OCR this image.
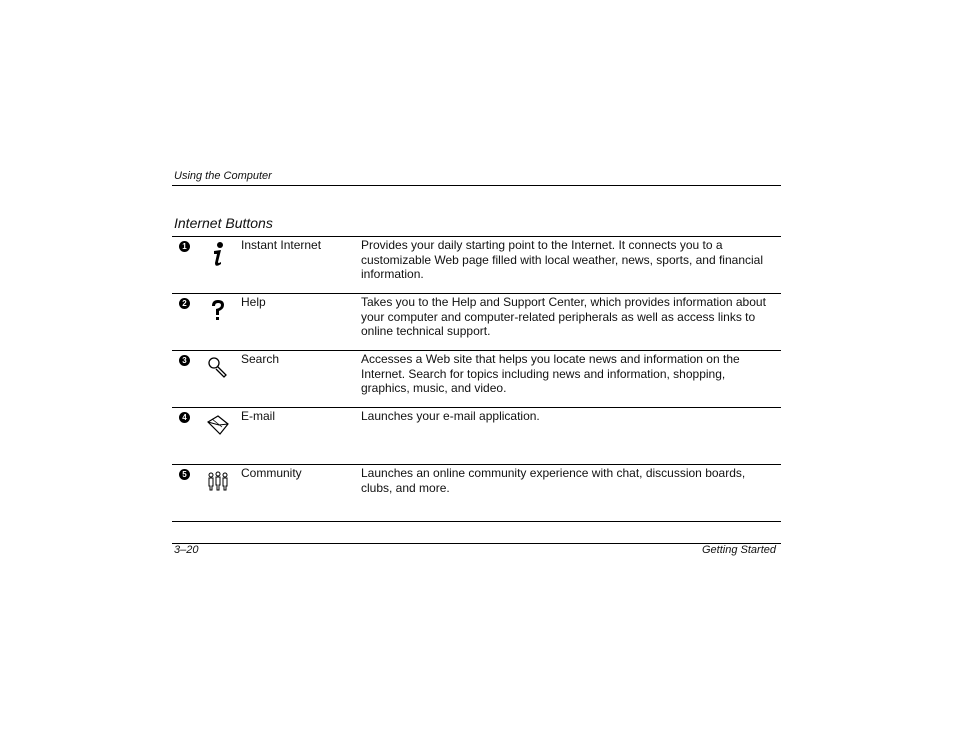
Using the Computer
Internet Buttons
1	Instant Internet	Provides your daily starting point to the Internet. It connects you to a customizable Web page filled with local weather, news, sports, and financial information.
2	Help	Takes you to the Help and Support Center, which provides information about your computer and computer-related peripherals as well as access links to online technical support.
3	Search	Accesses a Web site that helps you locate news and information on the Internet. Search for topics including news and information, shopping, graphics, music, and video.
4	E-mail	Launches your e-mail application.
5	Community	Launches an online community experience with chat, discussion boards, clubs, and more.
3–20	Getting Started
